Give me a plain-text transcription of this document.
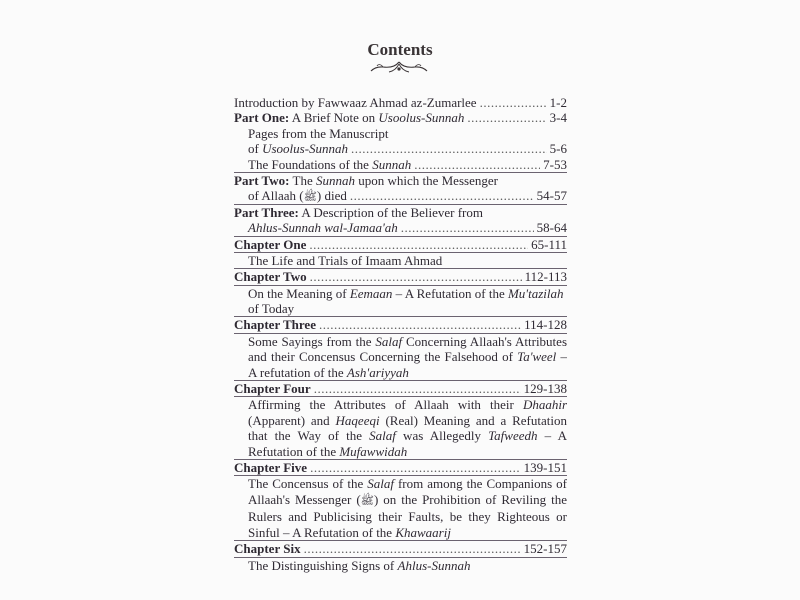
Contents
Introduction by Fawwaaz Ahmad az-Zumarlee .....	1-2
Part One: A Brief Note on Usoolus-Sunnah .....	3-4
Pages from the Manuscript
of Usoolus-Sunnah .....	5-6
The Foundations of the Sunnah .....	7-53
Part Two: The Sunnah upon which the Messenger
of Allaah (ﷺ) died .....	54-57
Part Three: A Description of the Believer from
Ahlus-Sunnah wal-Jamaa'ah .....	58-64
Chapter One .....	65-111
The Life and Trials of Imaam Ahmad
Chapter Two .....	112-113
On the Meaning of Eemaan – A Refutation of the Mu'tazilah
of Today
Chapter Three .....	114-128
Some Sayings from the Salaf Concerning Allaah's Attributes and their Concensus Concerning the Falsehood of Ta'weel – A refutation of the Ash'ariyyah
Chapter Four .....	129-138
Affirming the Attributes of Allaah with their Dhaahir (Apparent) and Haqeeqi (Real) Meaning and a Refutation that the Way of the Salaf was Allegedly Tafweedh – A Refutation of the Mufawwidah
Chapter Five .....	139-151
The Concensus of the Salaf from among the Companions of Allaah's Messenger (ﷺ) on the Prohibition of Reviling the Rulers and Publicising their Faults, be they Righteous or Sinful – A Refutation of the Khawaarij
Chapter Six .....	152-157
The Distinguishing Signs of Ahlus-Sunnah
